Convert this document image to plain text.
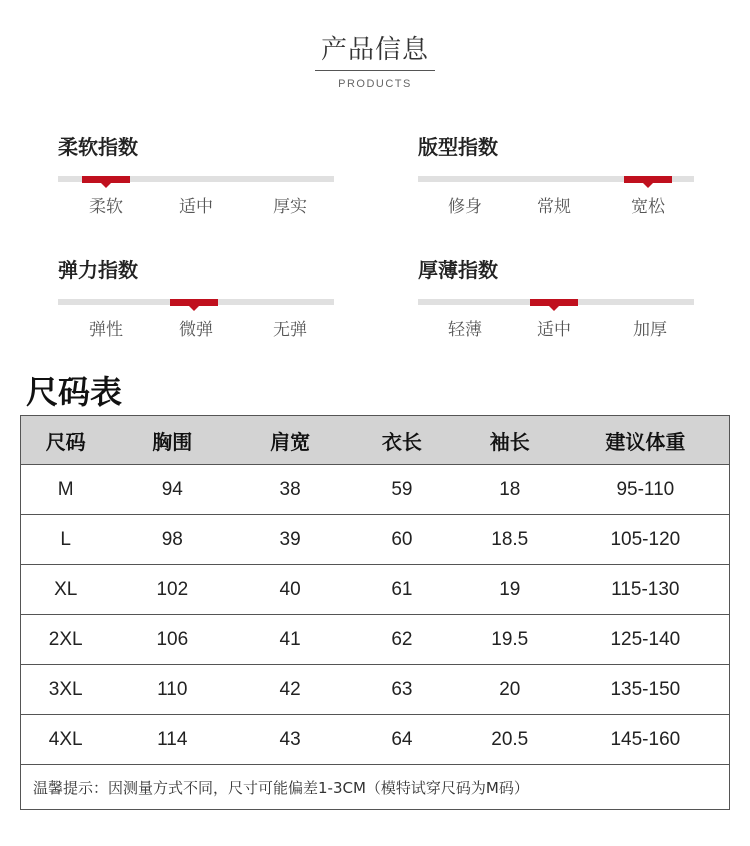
产品信息
PRODUCTS
柔软指数
柔软	适中	厚实
版型指数
修身	常规	宽松
弹力指数
弹性	微弹	无弹
厚薄指数
轻薄	适中	加厚
尺码表
尺码	胸围	肩宽	衣长	袖长	建议体重
M	94	38	59	18	95-110
L	98	39	60	18.5	105-120
XL	102	40	61	19	115-130
2XL	106	41	62	19.5	125-140
3XL	110	42	63	20	135-150
4XL	114	43	64	20.5	145-160
温馨提示：因测量方式不同，尺寸可能偏差1-3CM（模特试穿尺码为M码）					
